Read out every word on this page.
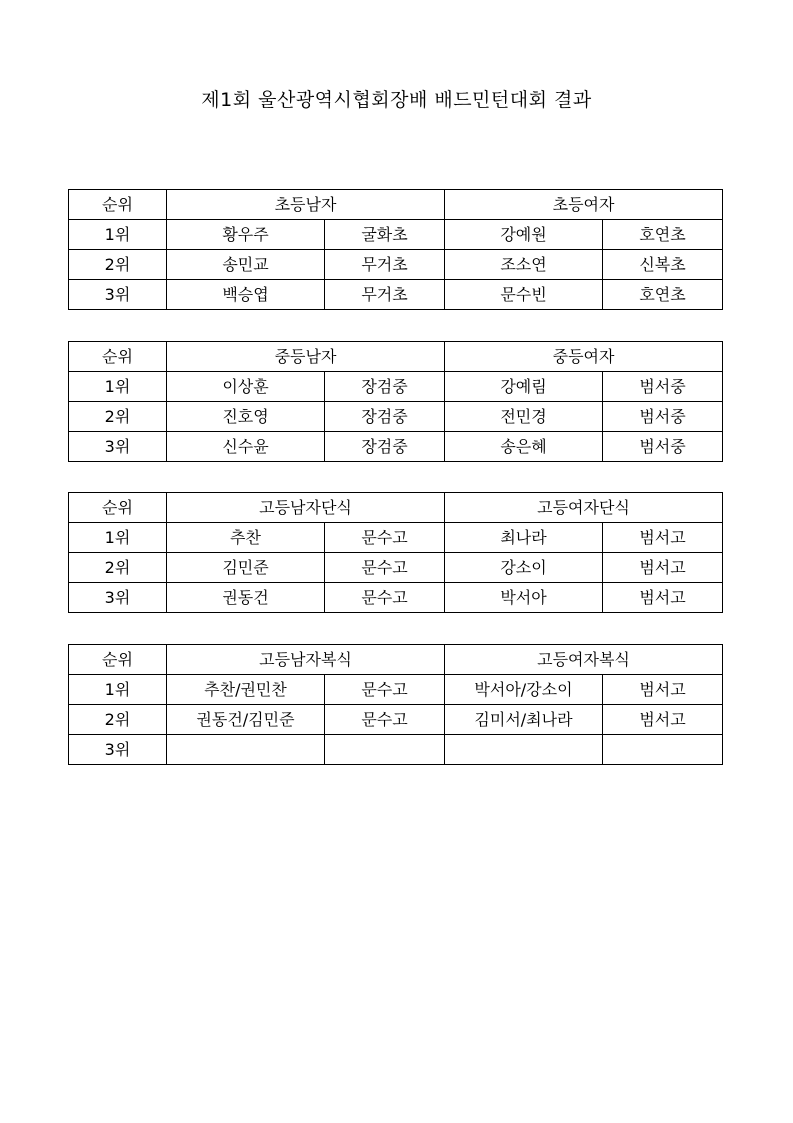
제1회 울산광역시협회장배 배드민턴대회 결과
순위	초등남자		초등여자	
1위	황우주	굴화초	강예원	호연초
2위	송민교	무거초	조소연	신복초
3위	백승엽	무거초	문수빈	호연초
순위	중등남자		중등여자	
1위	이상훈	장검중	강예림	범서중
2위	진호영	장검중	전민경	범서중
3위	신수윤	장검중	송은혜	범서중
순위	고등남자단식		고등여자단식	
1위	추찬	문수고	최나라	범서고
2위	김민준	문수고	강소이	범서고
3위	권동건	문수고	박서아	범서고
순위	고등남자복식		고등여자복식	
1위	추찬/권민찬	문수고	박서아/강소이	범서고
2위	권동건/김민준	문수고	김미서/최나라	범서고
3위				
